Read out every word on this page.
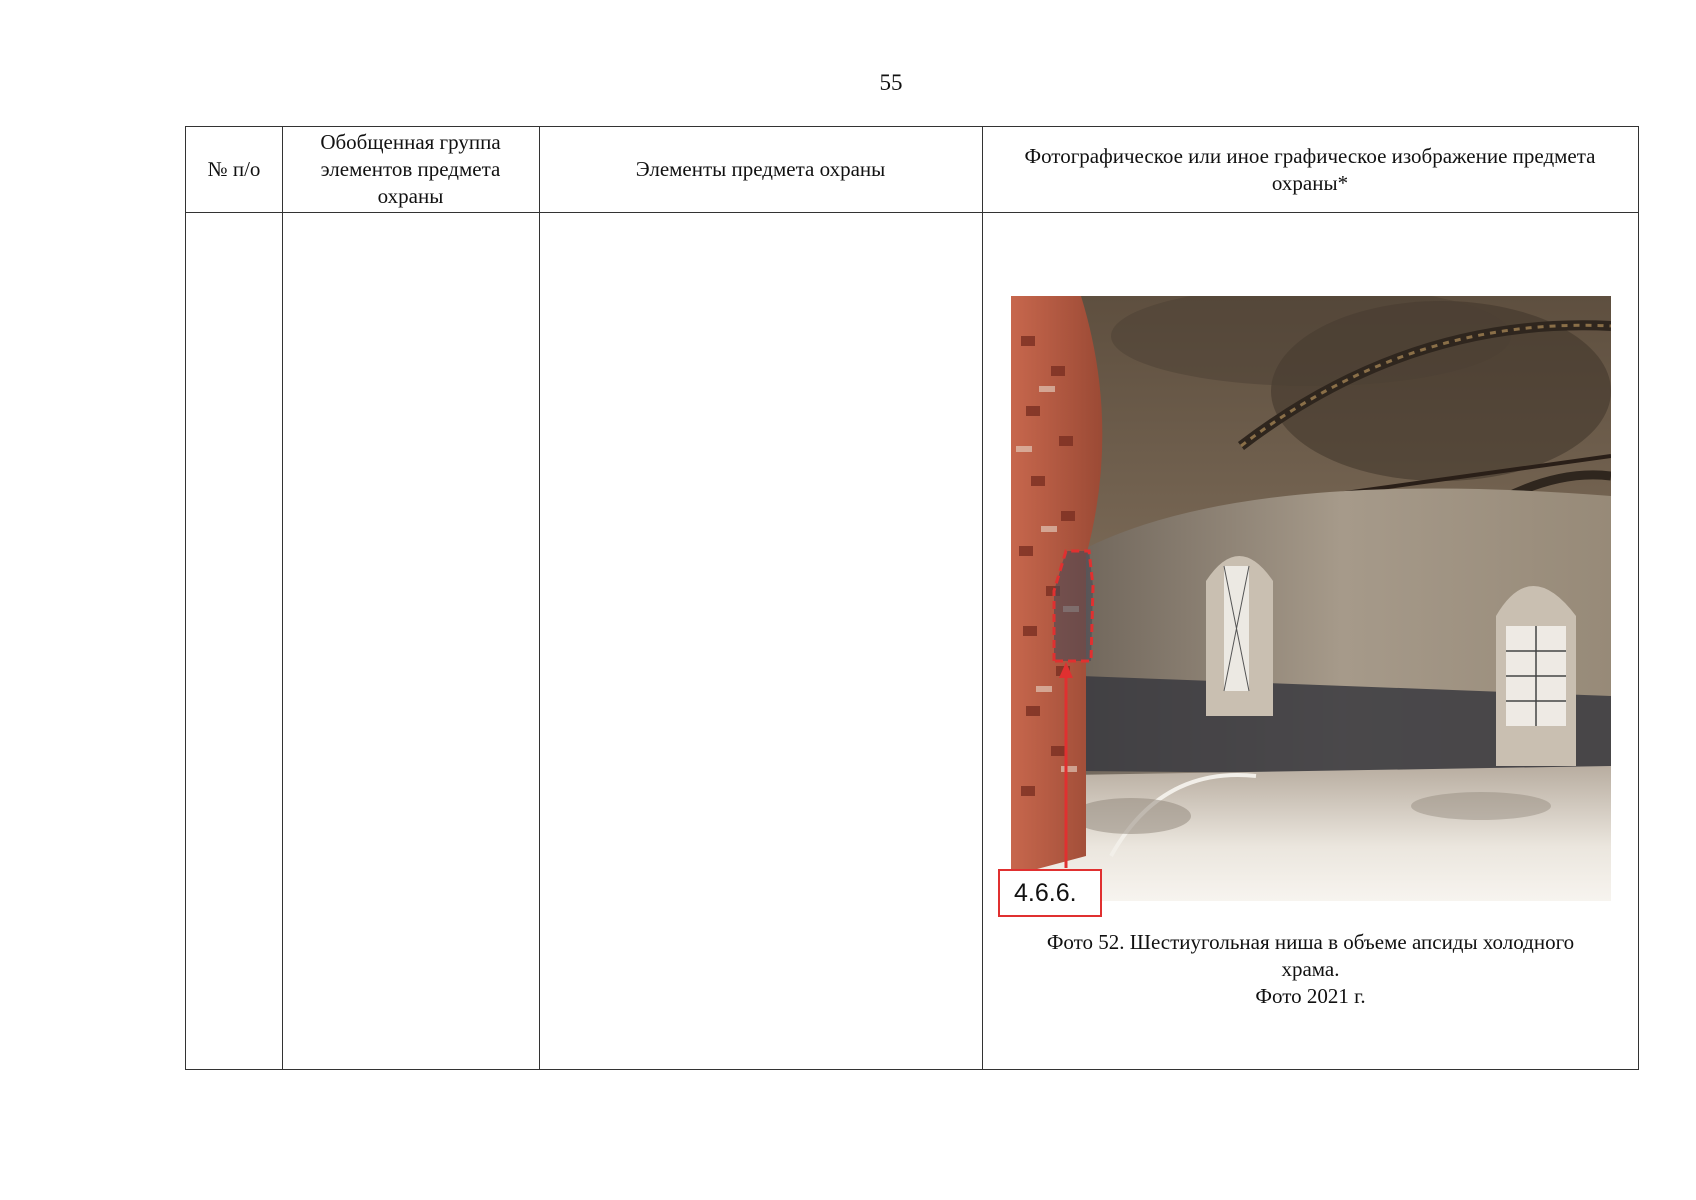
55
№ п/о
Обобщенная группа элементов предмета охраны
Элементы предмета охраны
Фотографическое или иное графическое изображение предмета охраны*
4.6.6.
Фото 52. Шестиугольная ниша в объеме апсиды холодного
храма.
Фото 2021 г.
